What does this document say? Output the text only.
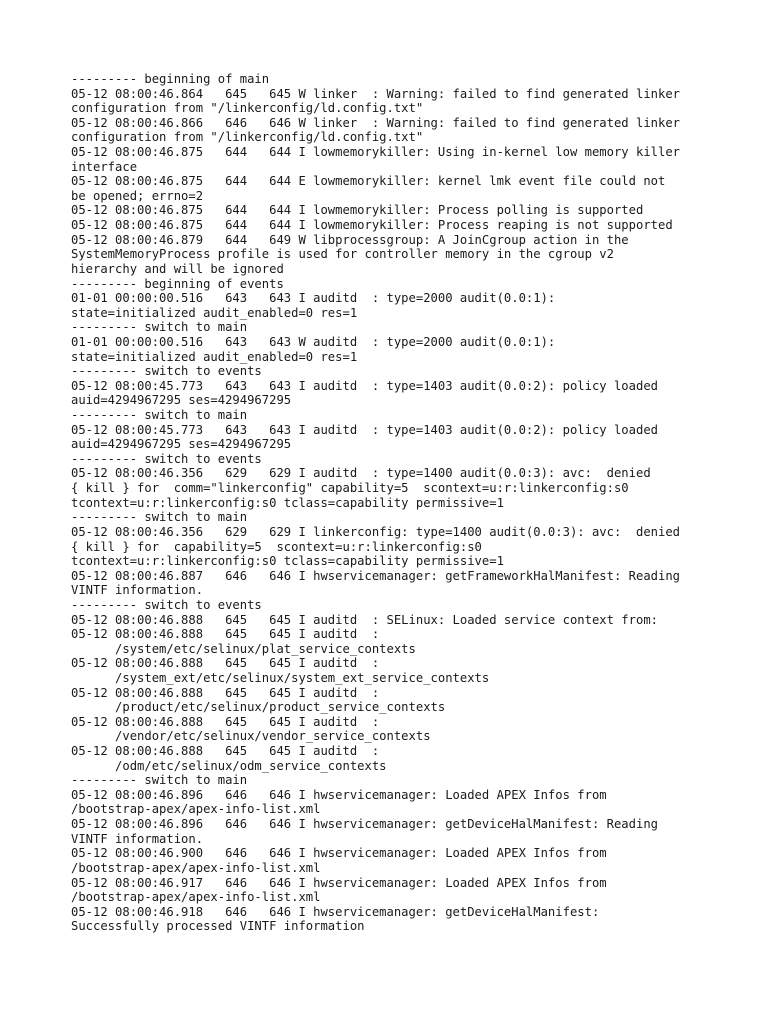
--------- beginning of main
05-12 08:00:46.864   645   645 W linker  : Warning: failed to find generated linker
configuration from "/linkerconfig/ld.config.txt"
05-12 08:00:46.866   646   646 W linker  : Warning: failed to find generated linker
configuration from "/linkerconfig/ld.config.txt"
05-12 08:00:46.875   644   644 I lowmemorykiller: Using in-kernel low memory killer
interface
05-12 08:00:46.875   644   644 E lowmemorykiller: kernel lmk event file could not
be opened; errno=2
05-12 08:00:46.875   644   644 I lowmemorykiller: Process polling is supported
05-12 08:00:46.875   644   644 I lowmemorykiller: Process reaping is not supported
05-12 08:00:46.879   644   649 W libprocessgroup: A JoinCgroup action in the
SystemMemoryProcess profile is used for controller memory in the cgroup v2
hierarchy and will be ignored
--------- beginning of events
01-01 00:00:00.516   643   643 I auditd  : type=2000 audit(0.0:1):
state=initialized audit_enabled=0 res=1
--------- switch to main
01-01 00:00:00.516   643   643 W auditd  : type=2000 audit(0.0:1):
state=initialized audit_enabled=0 res=1
--------- switch to events
05-12 08:00:45.773   643   643 I auditd  : type=1403 audit(0.0:2): policy loaded
auid=4294967295 ses=4294967295
--------- switch to main
05-12 08:00:45.773   643   643 I auditd  : type=1403 audit(0.0:2): policy loaded
auid=4294967295 ses=4294967295
--------- switch to events
05-12 08:00:46.356   629   629 I auditd  : type=1400 audit(0.0:3): avc:  denied
{ kill } for  comm="linkerconfig" capability=5  scontext=u:r:linkerconfig:s0
tcontext=u:r:linkerconfig:s0 tclass=capability permissive=1
--------- switch to main
05-12 08:00:46.356   629   629 I linkerconfig: type=1400 audit(0.0:3): avc:  denied
{ kill } for  capability=5  scontext=u:r:linkerconfig:s0
tcontext=u:r:linkerconfig:s0 tclass=capability permissive=1
05-12 08:00:46.887   646   646 I hwservicemanager: getFrameworkHalManifest: Reading
VINTF information.
--------- switch to events
05-12 08:00:46.888   645   645 I auditd  : SELinux: Loaded service context from:
05-12 08:00:46.888   645   645 I auditd  :
/system/etc/selinux/plat_service_contexts
05-12 08:00:46.888   645   645 I auditd  :
/system_ext/etc/selinux/system_ext_service_contexts
05-12 08:00:46.888   645   645 I auditd  :
/product/etc/selinux/product_service_contexts
05-12 08:00:46.888   645   645 I auditd  :
/vendor/etc/selinux/vendor_service_contexts
05-12 08:00:46.888   645   645 I auditd  :
/odm/etc/selinux/odm_service_contexts
--------- switch to main
05-12 08:00:46.896   646   646 I hwservicemanager: Loaded APEX Infos from
/bootstrap-apex/apex-info-list.xml
05-12 08:00:46.896   646   646 I hwservicemanager: getDeviceHalManifest: Reading
VINTF information.
05-12 08:00:46.900   646   646 I hwservicemanager: Loaded APEX Infos from
/bootstrap-apex/apex-info-list.xml
05-12 08:00:46.917   646   646 I hwservicemanager: Loaded APEX Infos from
/bootstrap-apex/apex-info-list.xml
05-12 08:00:46.918   646   646 I hwservicemanager: getDeviceHalManifest:
Successfully processed VINTF information
